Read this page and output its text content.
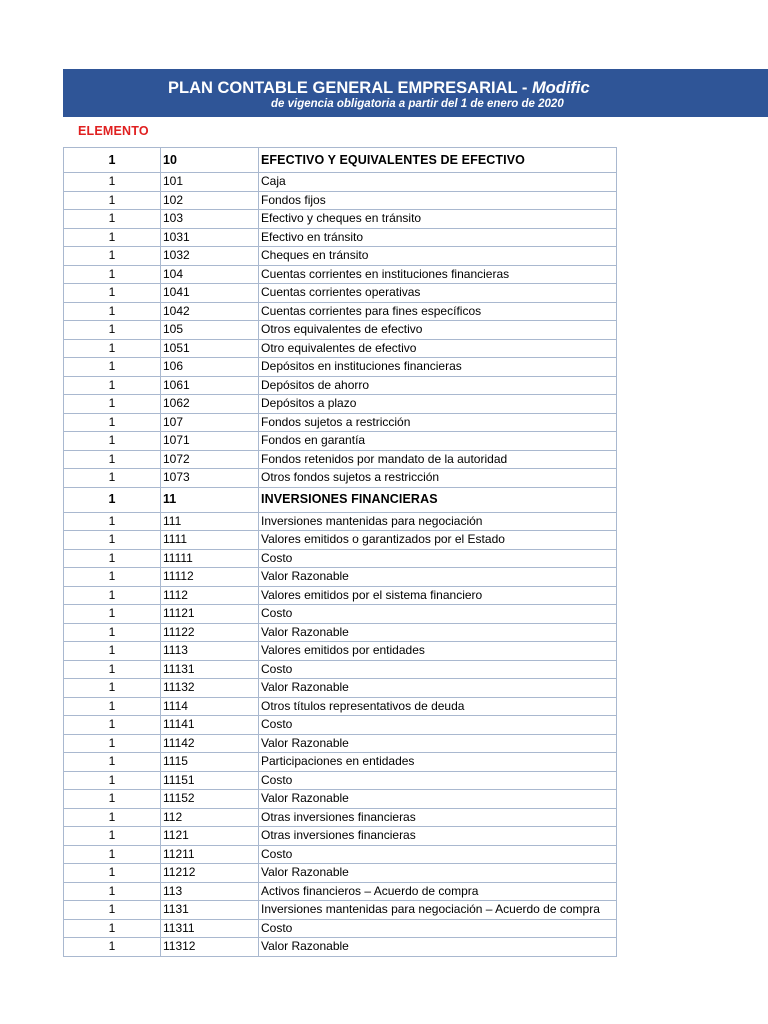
PLAN CONTABLE GENERAL EMPRESARIAL - Modific

de vigencia obligatoria a partir del 1 de enero de 2020

ELEMENTO
1	10	EFECTIVO Y EQUIVALENTES DE EFECTIVO
1	101	Caja
1	102	Fondos fijos
1	103	Efectivo y cheques en tránsito
1	1031	Efectivo en tránsito
1	1032	Cheques en tránsito
1	104	Cuentas corrientes en instituciones financieras
1	1041	Cuentas corrientes operativas
1	1042	Cuentas corrientes para fines específicos
1	105	Otros equivalentes de efectivo
1	1051	Otro equivalentes de efectivo
1	106	Depósitos en instituciones financieras
1	1061	Depósitos de ahorro
1	1062	Depósitos a plazo
1	107	Fondos sujetos a restricción
1	1071	Fondos en garantía
1	1072	Fondos retenidos por mandato de la autoridad
1	1073	Otros fondos sujetos a restricción
1	11	INVERSIONES FINANCIERAS
1	111	Inversiones mantenidas para negociación
1	1111	Valores emitidos o garantizados por el Estado
1	11111	Costo
1	11112	Valor Razonable
1	1112	Valores emitidos por el sistema financiero
1	11121	Costo
1	11122	Valor Razonable
1	1113	Valores emitidos por entidades
1	11131	Costo
1	11132	Valor Razonable
1	1114	Otros títulos representativos de deuda
1	11141	Costo
1	11142	Valor Razonable
1	1115	Participaciones en entidades
1	11151	Costo
1	11152	Valor Razonable
1	112	Otras inversiones financieras
1	1121	Otras inversiones financieras
1	11211	Costo
1	11212	Valor Razonable
1	113	Activos financieros – Acuerdo de compra
1	1131	Inversiones mantenidas para negociación – Acuerdo de compra
1	11311	Costo
1	11312	Valor Razonable
